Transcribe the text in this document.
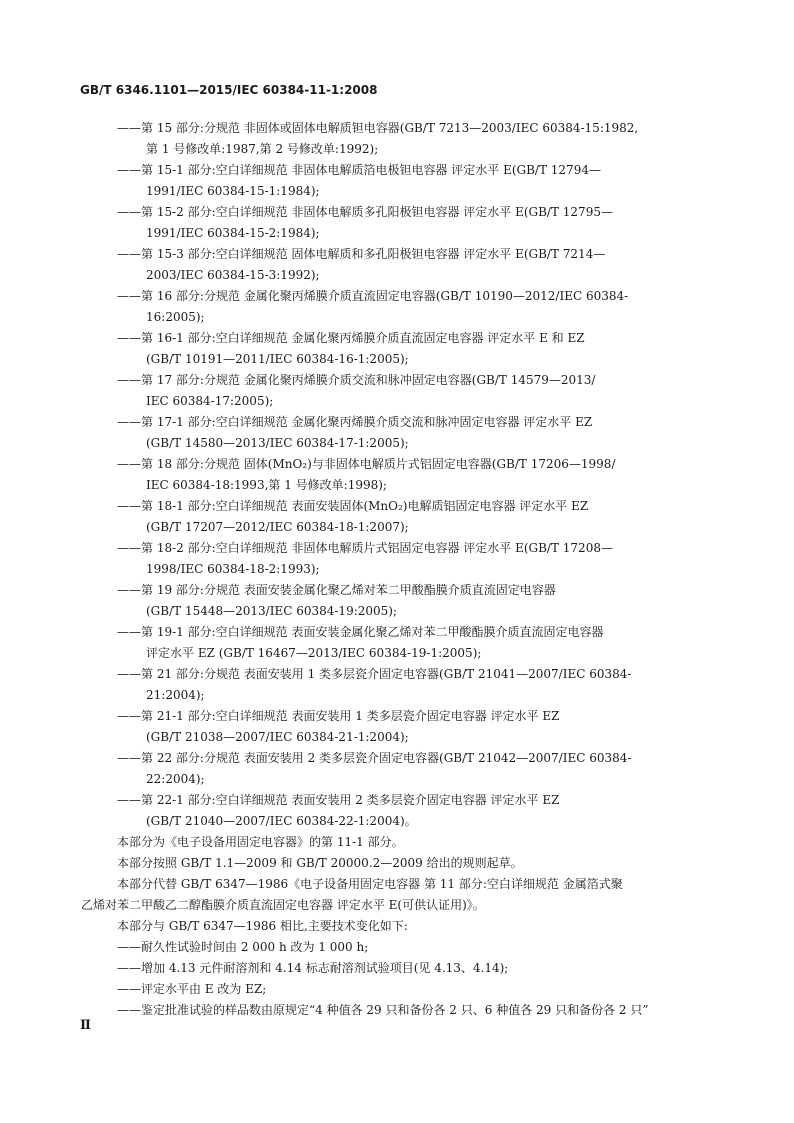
GB/T 6346.1101—2015/IEC 60384-11-1:2008
——第 15 部分:分规范 非固体或固体电解质钽电容器(GB/T 7213—2003/IEC 60384-15:1982,
第 1 号修改单:1987,第 2 号修改单:1992);
——第 15-1 部分:空白详细规范 非固体电解质箔电极钽电容器 评定水平 E(GB/T 12794—
1991/IEC 60384-15-1:1984);
——第 15-2 部分:空白详细规范 非固体电解质多孔阳极钽电容器 评定水平 E(GB/T 12795—
1991/IEC 60384-15-2:1984);
——第 15-3 部分:空白详细规范 固体电解质和多孔阳极钽电容器 评定水平 E(GB/T 7214—
2003/IEC 60384-15-3:1992);
——第 16 部分:分规范 金属化聚丙烯膜介质直流固定电容器(GB/T 10190—2012/IEC 60384-
16:2005);
——第 16-1 部分:空白详细规范 金属化聚丙烯膜介质直流固定电容器 评定水平 E 和 EZ
(GB/T 10191—2011/IEC 60384-16-1:2005);
——第 17 部分:分规范 金属化聚丙烯膜介质交流和脉冲固定电容器(GB/T 14579—2013/
IEC 60384-17:2005);
——第 17-1 部分:空白详细规范 金属化聚丙烯膜介质交流和脉冲固定电容器 评定水平 EZ
(GB/T 14580—2013/IEC 60384-17-1:2005);
——第 18 部分:分规范 固体(MnO₂)与非固体电解质片式铝固定电容器(GB/T 17206—1998/
IEC 60384-18:1993,第 1 号修改单:1998);
——第 18-1 部分:空白详细规范 表面安装固体(MnO₂)电解质铝固定电容器 评定水平 EZ
(GB/T 17207—2012/IEC 60384-18-1:2007);
——第 18-2 部分:空白详细规范 非固体电解质片式铝固定电容器 评定水平 E(GB/T 17208—
1998/IEC 60384-18-2:1993);
——第 19 部分:分规范 表面安装金属化聚乙烯对苯二甲酸酯膜介质直流固定电容器
(GB/T 15448—2013/IEC 60384-19:2005);
——第 19-1 部分:空白详细规范 表面安装金属化聚乙烯对苯二甲酸酯膜介质直流固定电容器
评定水平 EZ (GB/T 16467—2013/IEC 60384-19-1:2005);
——第 21 部分:分规范 表面安装用 1 类多层瓷介固定电容器(GB/T 21041—2007/IEC 60384-
21:2004);
——第 21-1 部分:空白详细规范 表面安装用 1 类多层瓷介固定电容器 评定水平 EZ
(GB/T 21038—2007/IEC 60384-21-1:2004);
——第 22 部分:分规范 表面安装用 2 类多层瓷介固定电容器(GB/T 21042—2007/IEC 60384-
22:2004);
——第 22-1 部分:空白详细规范 表面安装用 2 类多层瓷介固定电容器 评定水平 EZ
(GB/T 21040—2007/IEC 60384-22-1:2004)。
本部分为《电子设备用固定电容器》的第 11-1 部分。
本部分按照 GB/T 1.1—2009 和 GB/T 20000.2—2009 给出的规则起草。
本部分代替 GB/T 6347—1986《电子设备用固定电容器 第 11 部分:空白详细规范 金属箔式聚
乙烯对苯二甲酸乙二醇酯膜介质直流固定电容器 评定水平 E(可供认证用)》。
本部分与 GB/T 6347—1986 相比,主要技术变化如下:
——耐久性试验时间由 2 000 h 改为 1 000 h;
——增加 4.13 元件耐溶剂和 4.14 标志耐溶剂试验项目(见 4.13、4.14);
——评定水平由 E 改为 EZ;
——鉴定批准试验的样品数由原规定“4 种值各 29 只和备份各 2 只、6 种值各 29 只和备份各 2 只”
Ⅱ
